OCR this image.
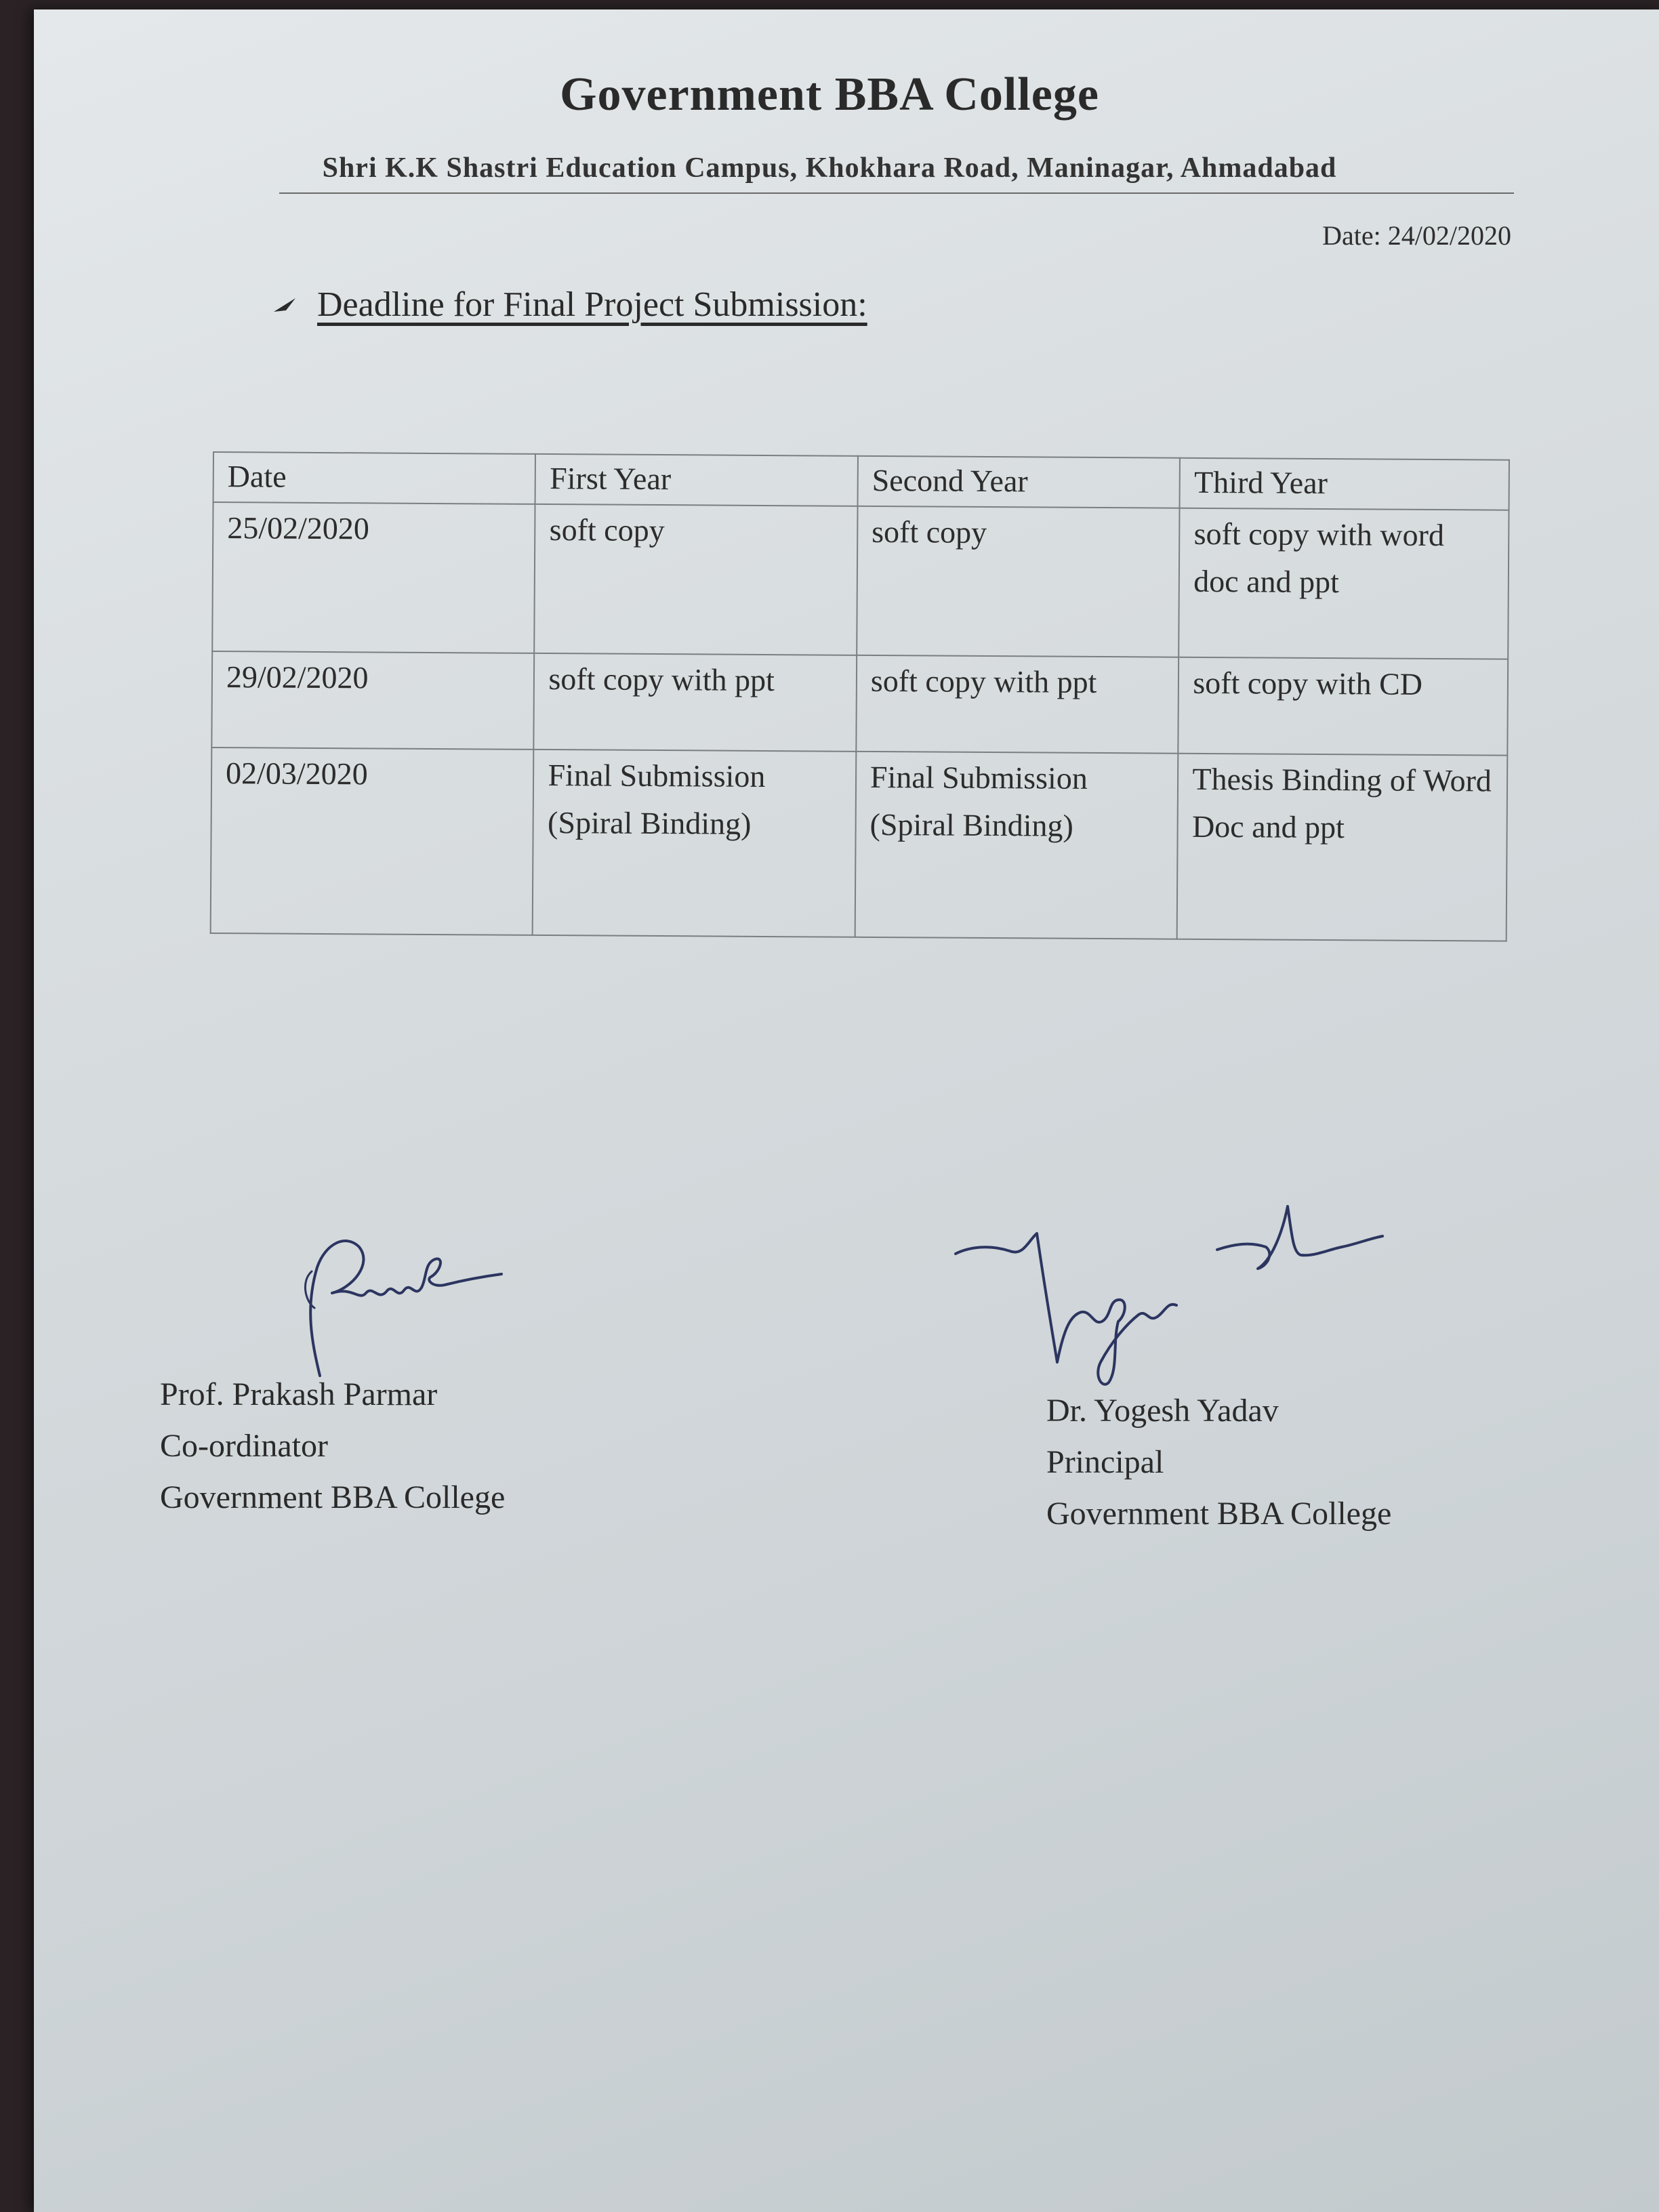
Government BBA College
Shri K.K Shastri Education Campus, Khokhara Road, Maninagar, Ahmadabad
Date: 24/02/2020
Deadline for Final Project Submission:
Date	First Year	Second Year	Third Year
25/02/2020	soft copy	soft copy	soft copy with word doc and ppt
29/02/2020	soft copy with ppt	soft copy with ppt	soft copy with CD
02/03/2020	Final Submission (Spiral Binding)	Final Submission (Spiral Binding)	Thesis Binding of Word Doc and ppt
Prof. Prakash Parmar
Co-ordinator
Government BBA College
Dr. Yogesh Yadav
Principal
Government BBA College
